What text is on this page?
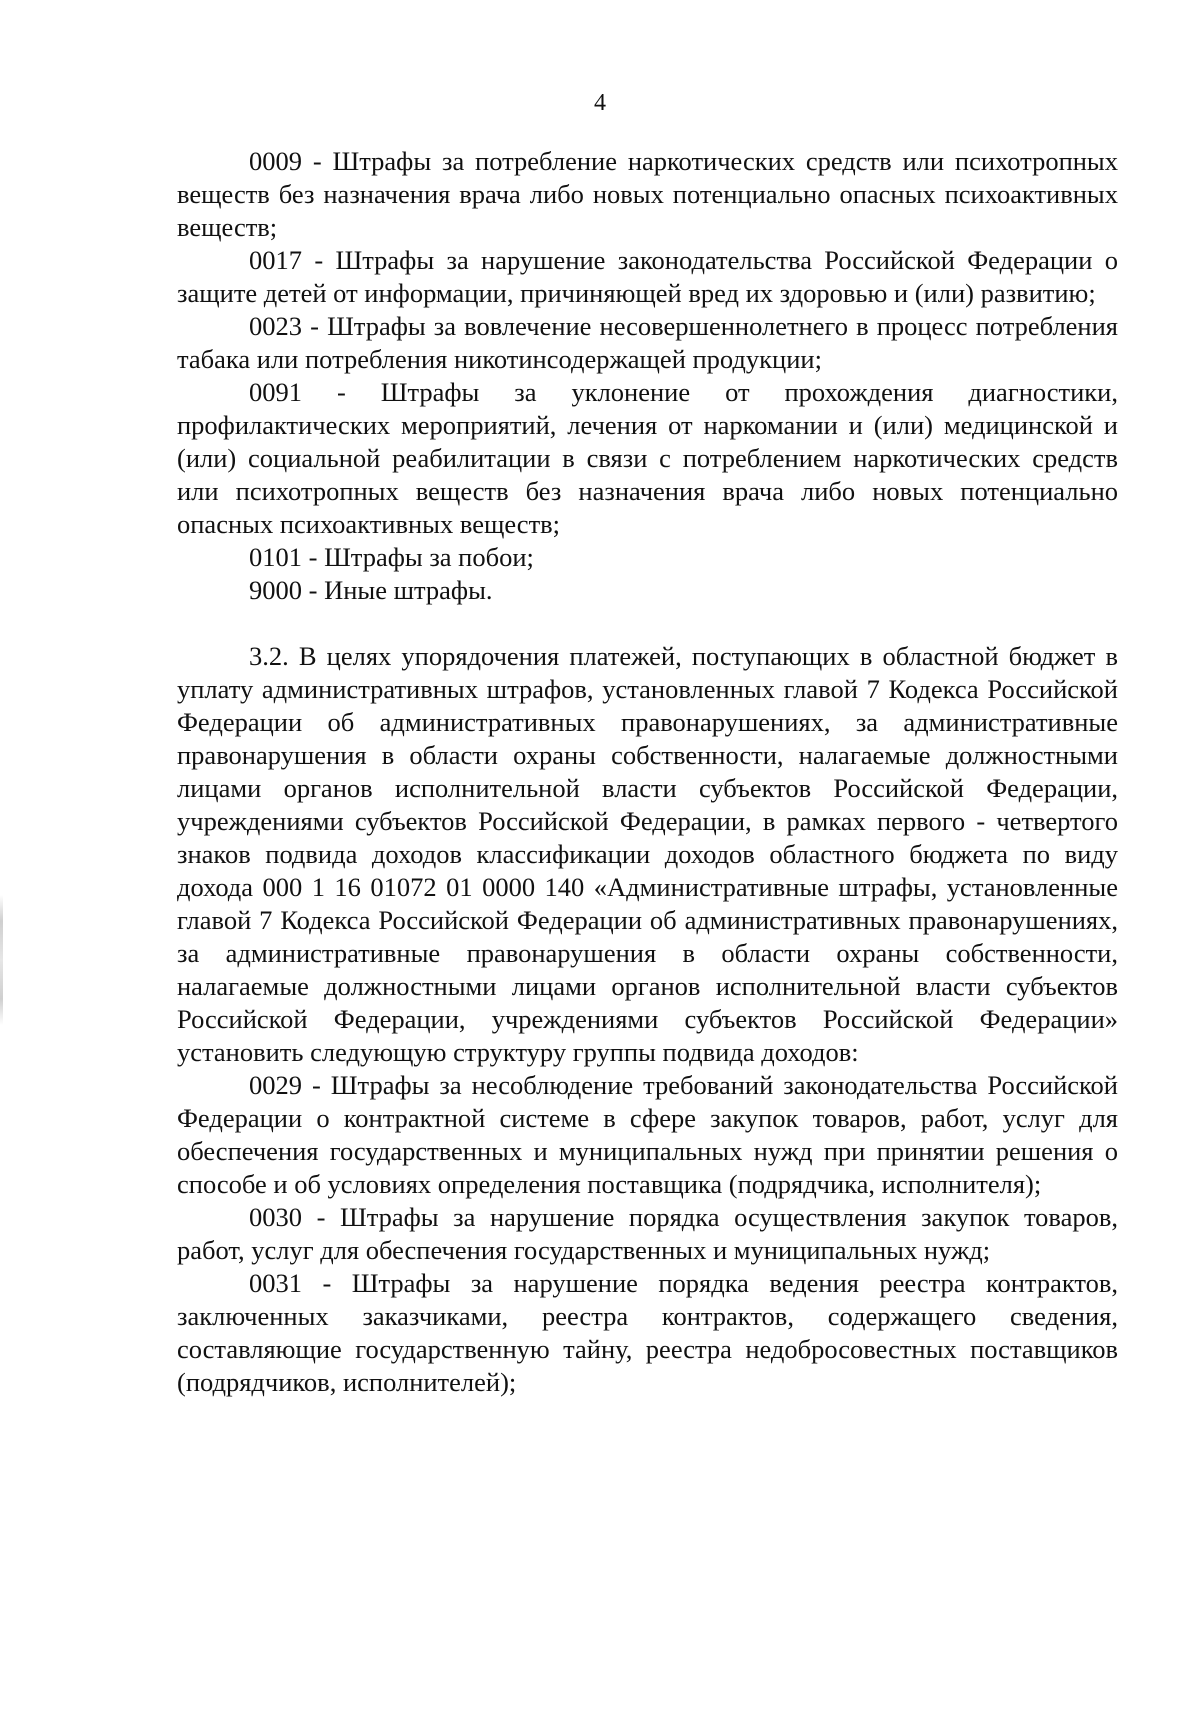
4

0009 - Штрафы за потребление наркотических средств или психотропных веществ без назначения врача либо новых потенциально опасных психоактивных веществ;

0017 - Штрафы за нарушение законодательства Российской Федерации о защите детей от информации, причиняющей вред их здоровью и (или) развитию;

0023 - Штрафы за вовлечение несовершеннолетнего в процесс потребления табака или потребления никотинсодержащей продукции;

0091 - Штрафы за уклонение от прохождения диагностики, профилактических мероприятий, лечения от наркомании и (или) медицинской и (или) социальной реабилитации в связи с потреблением наркотических средств или психотропных веществ без назначения врача либо новых потенциально опасных психоактивных веществ;

0101 - Штрафы за побои;

9000 - Иные штрафы.

3.2. В целях упорядочения платежей, поступающих в областной бюджет в уплату административных штрафов, установленных главой 7 Кодекса Российской Федерации об административных правонарушениях, за административные правонарушения в области охраны собственности, налагаемые должностными лицами органов исполнительной власти субъектов Российской Федерации, учреждениями субъектов Российской Федерации, в рамках первого - четвертого знаков подвида доходов классификации доходов областного бюджета по виду дохода 000 1 16 01072 01 0000 140 «Административные штрафы, установленные главой 7 Кодекса Российской Федерации об административных правонарушениях, за административные правонарушения в области охраны собственности, налагаемые должностными лицами органов исполнительной власти субъектов Российской Федерации, учреждениями субъектов Российской Федерации» установить следующую структуру группы подвида доходов:

0029 - Штрафы за несоблюдение требований законодательства Российской Федерации о контрактной системе в сфере закупок товаров, работ, услуг для обеспечения государственных и муниципальных нужд при принятии решения о способе и об условиях определения поставщика (подрядчика, исполнителя);

0030 - Штрафы за нарушение порядка осуществления закупок товаров, работ, услуг для обеспечения государственных и муниципальных нужд;

0031 - Штрафы за нарушение порядка ведения реестра контрактов, заключенных заказчиками, реестра контрактов, содержащего сведения, составляющие государственную тайну, реестра недобросовестных поставщиков (подрядчиков, исполнителей);
